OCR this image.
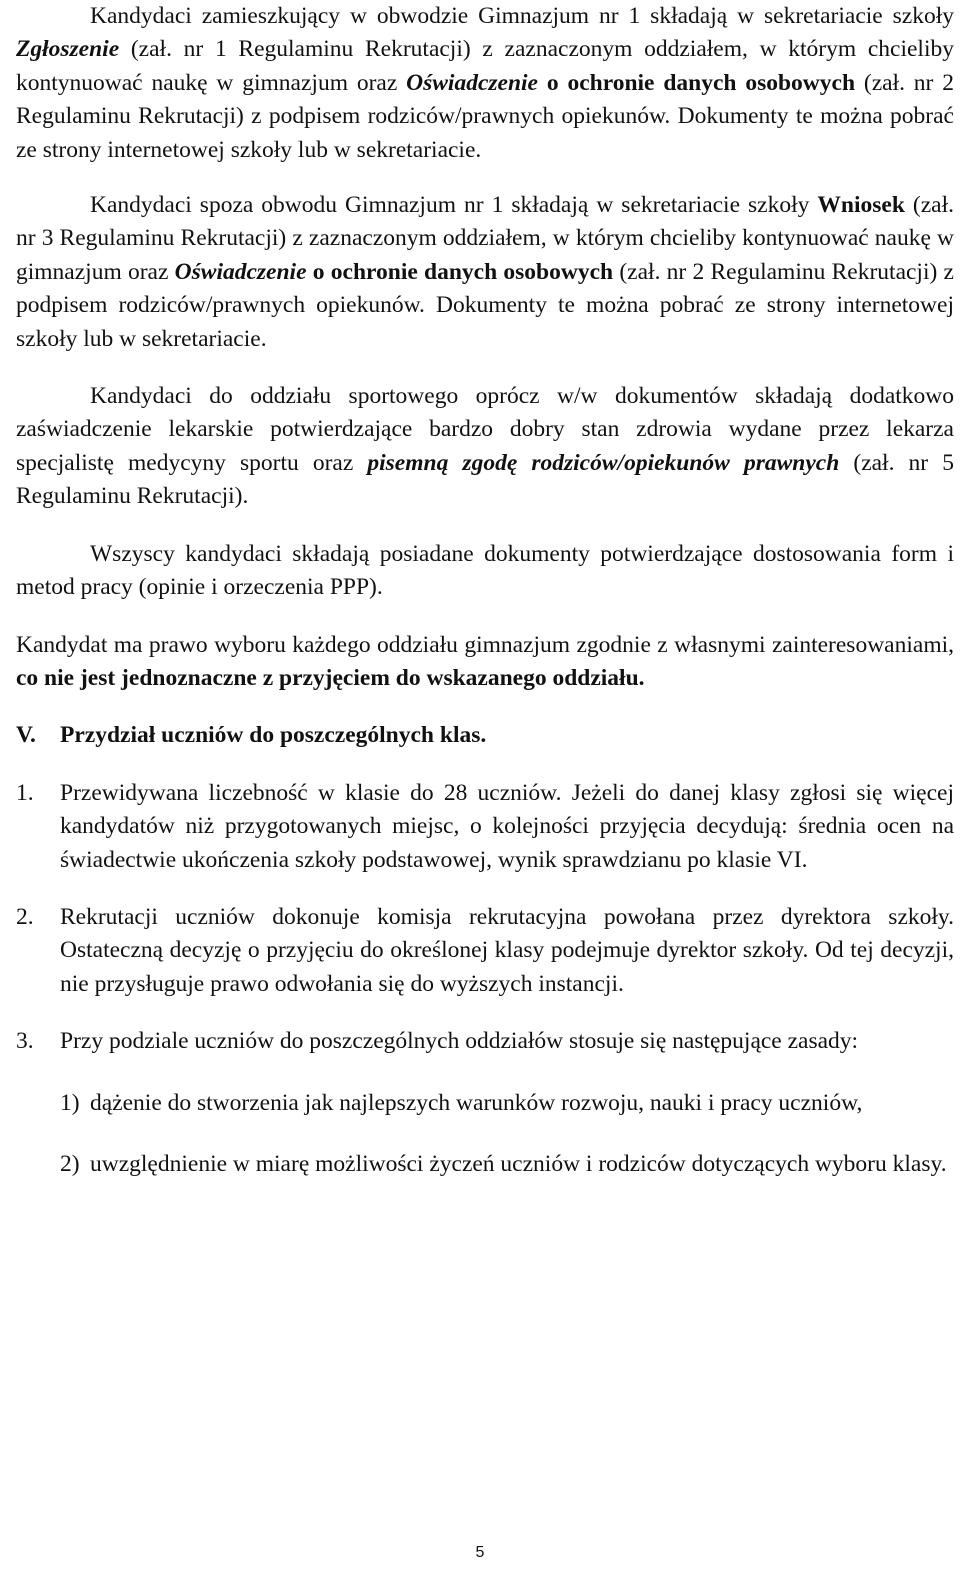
Kandydaci zamieszkujący w obwodzie Gimnazjum nr 1 składają w sekretariacie szkoły Zgłoszenie (zał. nr 1 Regulaminu Rekrutacji) z zaznaczonym oddziałem, w którym chcieliby kontynuować naukę w gimnazjum oraz Oświadczenie o ochronie danych osobowych (zał. nr 2 Regulaminu Rekrutacji) z podpisem rodziców/prawnych opiekunów. Dokumenty te można pobrać ze strony internetowej szkoły lub w sekretariacie.

Kandydaci spoza obwodu Gimnazjum nr 1 składają w sekretariacie szkoły Wniosek (zał. nr 3 Regulaminu Rekrutacji) z zaznaczonym oddziałem, w którym chcieliby kontynuować naukę w gimnazjum oraz Oświadczenie o ochronie danych osobowych (zał. nr 2 Regulaminu Rekrutacji) z podpisem rodziców/prawnych opiekunów. Dokumenty te można pobrać ze strony internetowej szkoły lub w sekretariacie.

Kandydaci do oddziału sportowego oprócz w/w dokumentów składają dodatkowo zaświadczenie lekarskie potwierdzające bardzo dobry stan zdrowia wydane przez lekarza specjalistę medycyny sportu oraz pisemną zgodę rodziców/opiekunów prawnych (zał. nr 5 Regulaminu Rekrutacji).

Wszyscy kandydaci składają posiadane dokumenty potwierdzające dostosowania form i metod pracy (opinie i orzeczenia PPP).

Kandydat ma prawo wyboru każdego oddziału gimnazjum zgodnie z własnymi zainteresowaniami, co nie jest jednoznaczne z przyjęciem do wskazanego oddziału.

V.	Przydział uczniów do poszczególnych klas.
1.	Przewidywana liczebność w klasie do 28 uczniów. Jeżeli do danej klasy zgłosi się więcej kandydatów niż przygotowanych miejsc, o kolejności przyjęcia decydują: średnia ocen na świadectwie ukończenia szkoły podstawowej, wynik sprawdzianu po klasie VI.

2.	Rekrutacji uczniów dokonuje komisja rekrutacyjna powołana przez dyrektora szkoły. Ostateczną decyzję o przyjęciu do określonej klasy podejmuje dyrektor szkoły. Od tej decyzji, nie przysługuje prawo odwołania się do wyższych instancji.

3.	Przy podziale uczniów do poszczególnych oddziałów stosuje się następujące zasady:

1) dążenie do stworzenia jak najlepszych warunków rozwoju, nauki i pracy uczniów,

2) uwzględnienie w miarę możliwości życzeń uczniów i rodziców dotyczących wyboru klasy.

5
